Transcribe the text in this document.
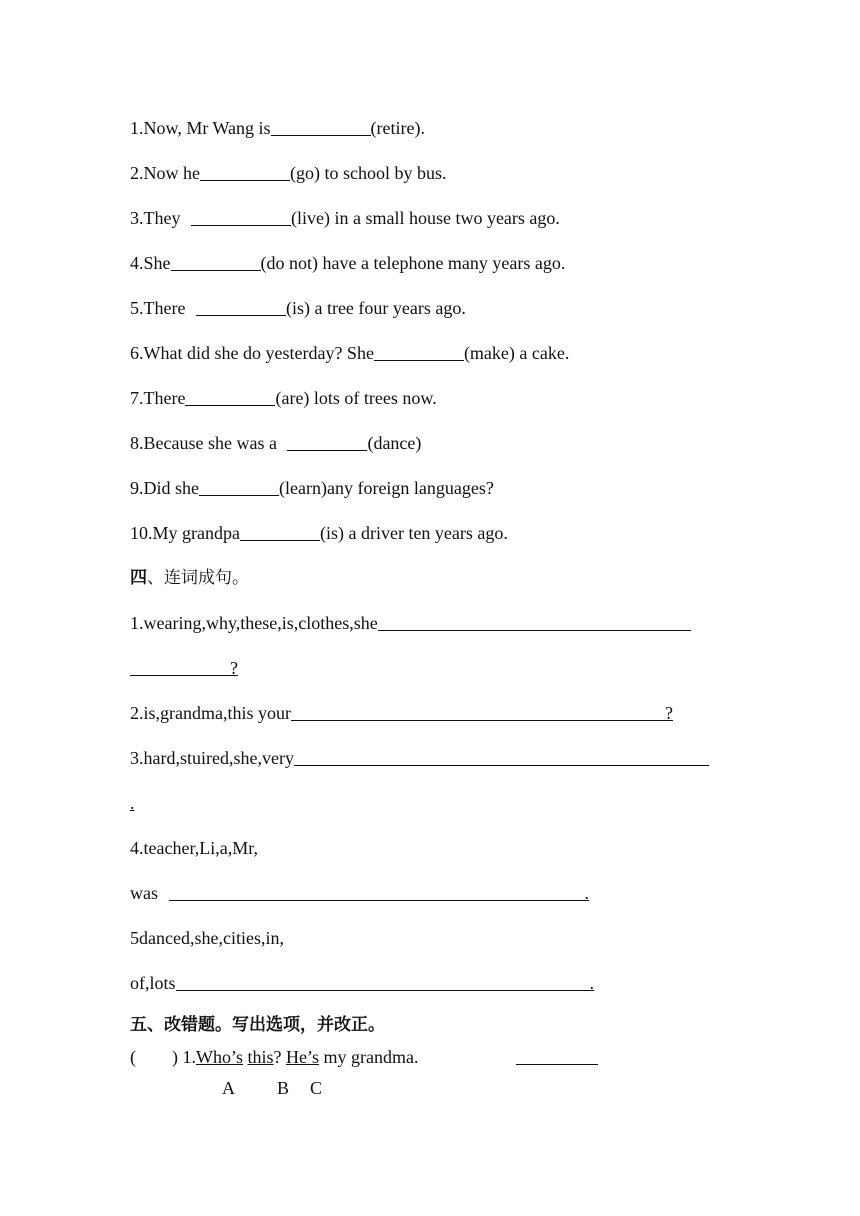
1.Now, Mr Wang is	(retire).
2.Now he	(go) to school by bus.
3.They	(live) in a small house two years ago.
4.She	(do not) have a telephone many years ago.
5.There	(is) a tree four years ago.
6.What did she do yesterday? She	(make) a cake.
7.There	(are) lots of trees now.
8.Because she was a	(dance)
9.Did she	(learn)any foreign languages?
10.My grandpa	(is) a driver ten years ago.
四、连词成句。
1.wearing,why,these,is,clothes,she
?
2.is,grandma,this your	?
3.hard,stuired,she,very
.
4.teacher,Li,a,Mr,
was	.
5danced,she,cities,in,
of,lots	.
五、改错题。写出选项，并改正。
(        ) 1.Who’s this? He’s my grandma.
A B C
